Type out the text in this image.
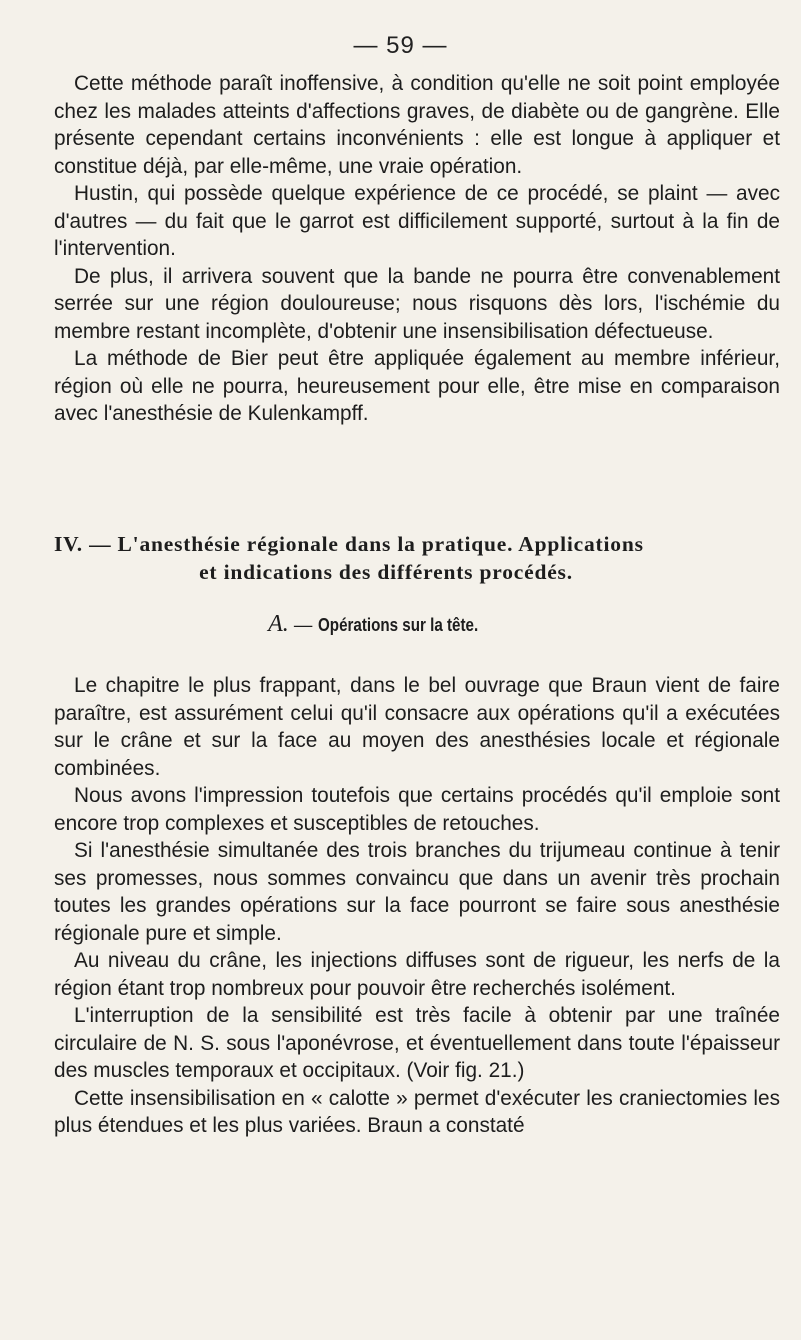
— 59 —

Cette méthode paraît inoffensive, à condition qu'elle ne soit point employée chez les malades atteints d'affections graves, de diabète ou de gangrène. Elle présente cependant certains inconvénients : elle est longue à appliquer et constitue déjà, par elle-même, une vraie opération.

Hustin, qui possède quelque expérience de ce procédé, se plaint — avec d'autres — du fait que le garrot est difficilement supporté, surtout à la fin de l'intervention.

De plus, il arrivera souvent que la bande ne pourra être convenablement serrée sur une région douloureuse; nous risquons dès lors, l'ischémie du membre restant incomplète, d'obtenir une insensibilisation défectueuse.

La méthode de Bier peut être appliquée également au membre inférieur, région où elle ne pourra, heureusement pour elle, être mise en comparaison avec l'anesthésie de Kulenkampff.

IV. — L'anesthésie régionale dans la pratique. Applications
et indications des différents procédés.
A. — Opérations sur la tête.

Le chapitre le plus frappant, dans le bel ouvrage que Braun vient de faire paraître, est assurément celui qu'il consacre aux opérations qu'il a exécutées sur le crâne et sur la face au moyen des anesthésies locale et régionale combinées.

Nous avons l'impression toutefois que certains procédés qu'il emploie sont encore trop complexes et susceptibles de retouches.

Si l'anesthésie simultanée des trois branches du trijumeau continue à tenir ses promesses, nous sommes convaincu que dans un avenir très prochain toutes les grandes opérations sur la face pourront se faire sous anesthésie régionale pure et simple.

Au niveau du crâne, les injections diffuses sont de rigueur, les nerfs de la région étant trop nombreux pour pouvoir être recherchés isolément.

L'interruption de la sensibilité est très facile à obtenir par une traînée circulaire de N. S. sous l'aponévrose, et éventuellement dans toute l'épaisseur des muscles temporaux et occipitaux. (Voir fig. 21.)

Cette insensibilisation en « calotte » permet d'exécuter les craniectomies les plus étendues et les plus variées. Braun a constaté
